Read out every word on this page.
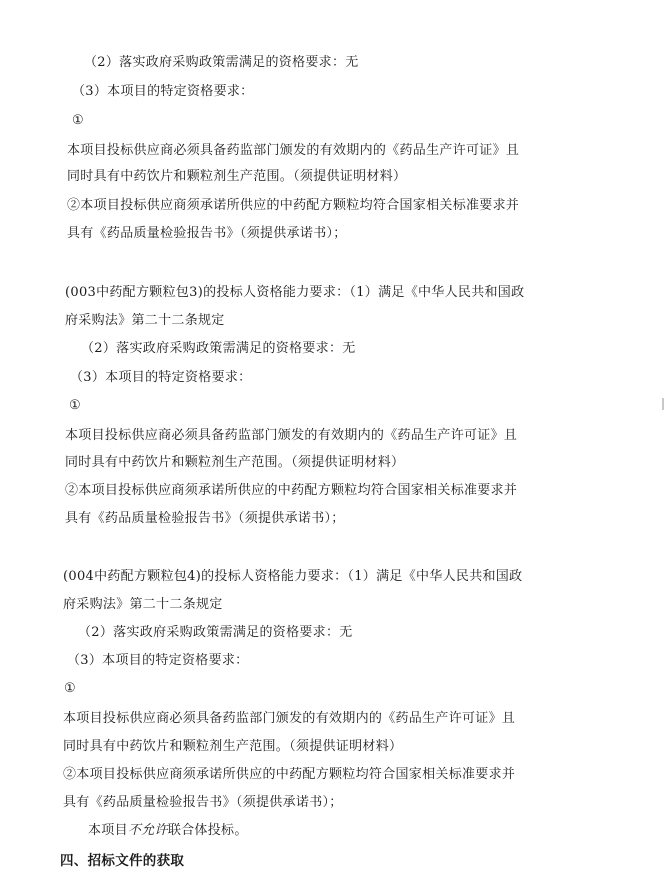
（2）落实政府采购政策需满足的资格要求：无
（3）本项目的特定资格要求：
①
本项目投标供应商必须具备药监部门颁发的有效期内的《药品生产许可证》且
同时具有中药饮片和颗粒剂生产范围。（须提供证明材料）
②本项目投标供应商须承诺所供应的中药配方颗粒均符合国家相关标准要求并
具有《药品质量检验报告书》（须提供承诺书）；
(003中药配方颗粒包3)的投标人资格能力要求：（1）满足《中华人民共和国政
府采购法》第二十二条规定
（2）落实政府采购政策需满足的资格要求：无
（3）本项目的特定资格要求：
①
本项目投标供应商必须具备药监部门颁发的有效期内的《药品生产许可证》且
同时具有中药饮片和颗粒剂生产范围。（须提供证明材料）
②本项目投标供应商须承诺所供应的中药配方颗粒均符合国家相关标准要求并
具有《药品质量检验报告书》（须提供承诺书）；
(004中药配方颗粒包4)的投标人资格能力要求：（1）满足《中华人民共和国政
府采购法》第二十二条规定
（2）落实政府采购政策需满足的资格要求：无
（3）本项目的特定资格要求：
①
本项目投标供应商必须具备药监部门颁发的有效期内的《药品生产许可证》且
同时具有中药饮片和颗粒剂生产范围。（须提供证明材料）
②本项目投标供应商须承诺所供应的中药配方颗粒均符合国家相关标准要求并
具有《药品质量检验报告书》（须提供承诺书）；
本项目不允许联合体投标。
四、招标文件的获取
